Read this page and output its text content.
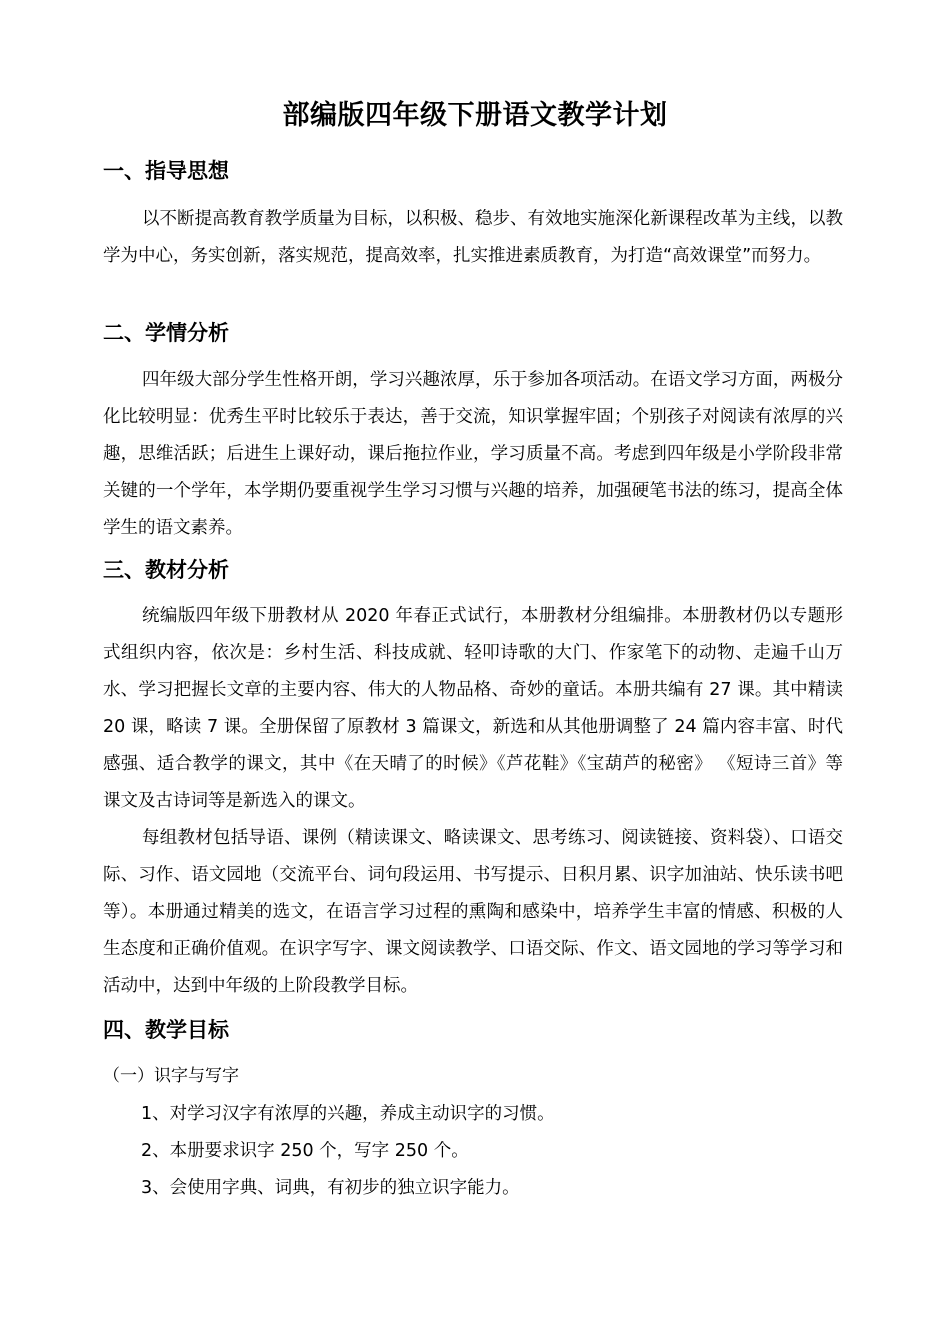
部编版四年级下册语文教学计划
一、指导思想

以不断提高教育教学质量为目标，以积极、稳步、有效地实施深化新课程改革为主线，以教学为中心，务实创新，落实规范，提高效率，扎实推进素质教育，为打造“高效课堂”而努力。

二、学情分析

四年级大部分学生性格开朗，学习兴趣浓厚，乐于参加各项活动。在语文学习方面，两极分化比较明显：优秀生平时比较乐于表达，善于交流，知识掌握牢固；个别孩子对阅读有浓厚的兴趣，思维活跃；后进生上课好动，课后拖拉作业，学习质量不高。考虑到四年级是小学阶段非常关键的一个学年，本学期仍要重视学生学习习惯与兴趣的培养，加强硬笔书法的练习，提高全体学生的语文素养。

三、教材分析

统编版四年级下册教材从 2020 年春正式试行，本册教材分组编排。本册教材仍以专题形式组织内容，依次是：乡村生活、科技成就、轻叩诗歌的大门、作家笔下的动物、走遍千山万水、学习把握长文章的主要内容、伟大的人物品格、奇妙的童话。本册共编有 27 课。其中精读 20 课，略读 7 课。全册保留了原教材 3 篇课文，新选和从其他册调整了 24 篇内容丰富、时代感强、适合教学的课文，其中《在天晴了的时候》《芦花鞋》《宝葫芦的秘密》 《短诗三首》等课文及古诗词等是新选入的课文。

每组教材包括导语、课例（精读课文、略读课文、思考练习、阅读链接、资料袋）、口语交际、习作、语文园地（交流平台、词句段运用、书写提示、日积月累、识字加油站、快乐读书吧等）。本册通过精美的选文，在语言学习过程的熏陶和感染中，培养学生丰富的情感、积极的人生态度和正确价值观。在识字写字、课文阅读教学、口语交际、作文、语文园地的学习等学习和活动中，达到中年级的上阶段教学目标。

四、教学目标
（一）识字与写字
1、对学习汉字有浓厚的兴趣，养成主动识字的习惯。
2、本册要求识字 250 个，写字 250 个。
3、会使用字典、词典，有初步的独立识字能力。
